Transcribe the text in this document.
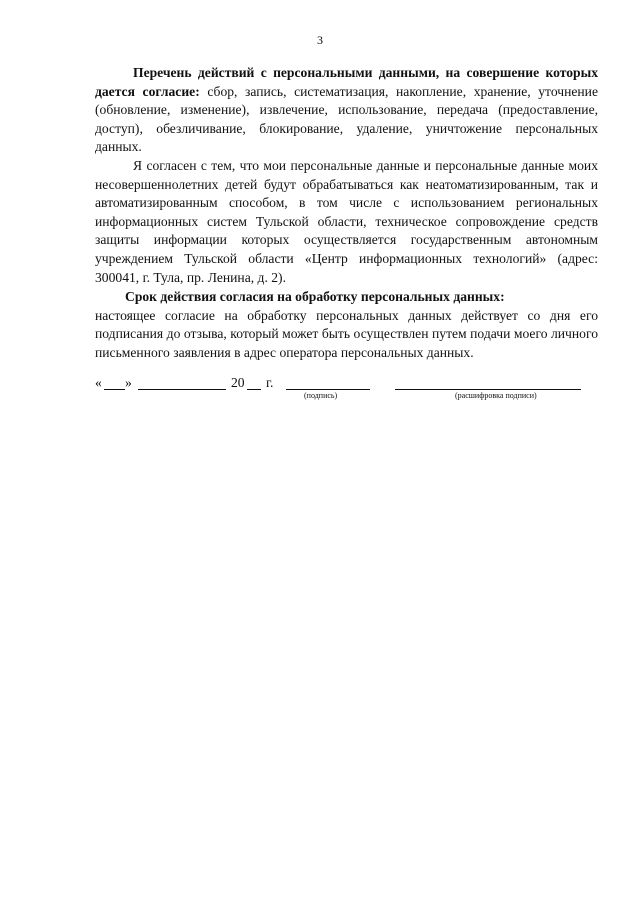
3

Перечень действий с персональными данными, на совершение которых дается согласие: сбор, запись, систематизация, накопление, хранение, уточнение (обновление, изменение), извлечение, использование, передача (предоставление, доступ), обезличивание, блокирование, удаление, уничтожение персональных данных.

Я согласен с тем, что мои персональные данные и персональные данные моих несовершеннолетних детей будут обрабатываться как неатоматизированным, так и автоматизированным способом, в том числе с использованием региональных информационных систем Тульской области, техническое сопровождение средств защиты информации которых осуществляется государственным автономным учреждением Тульской области «Центр информационных технологий» (адрес: 300041, г. Тула, пр. Ленина, д. 2).

Срок действия согласия на обработку персональных данных:

настоящее согласие на обработку персональных данных действует со дня его подписания до отзыва, который может быть осуществлен путем подачи моего личного письменного заявления в адрес оператора персональных данных.

« »	20 г.
(подпись)	(расшифровка подписи)
